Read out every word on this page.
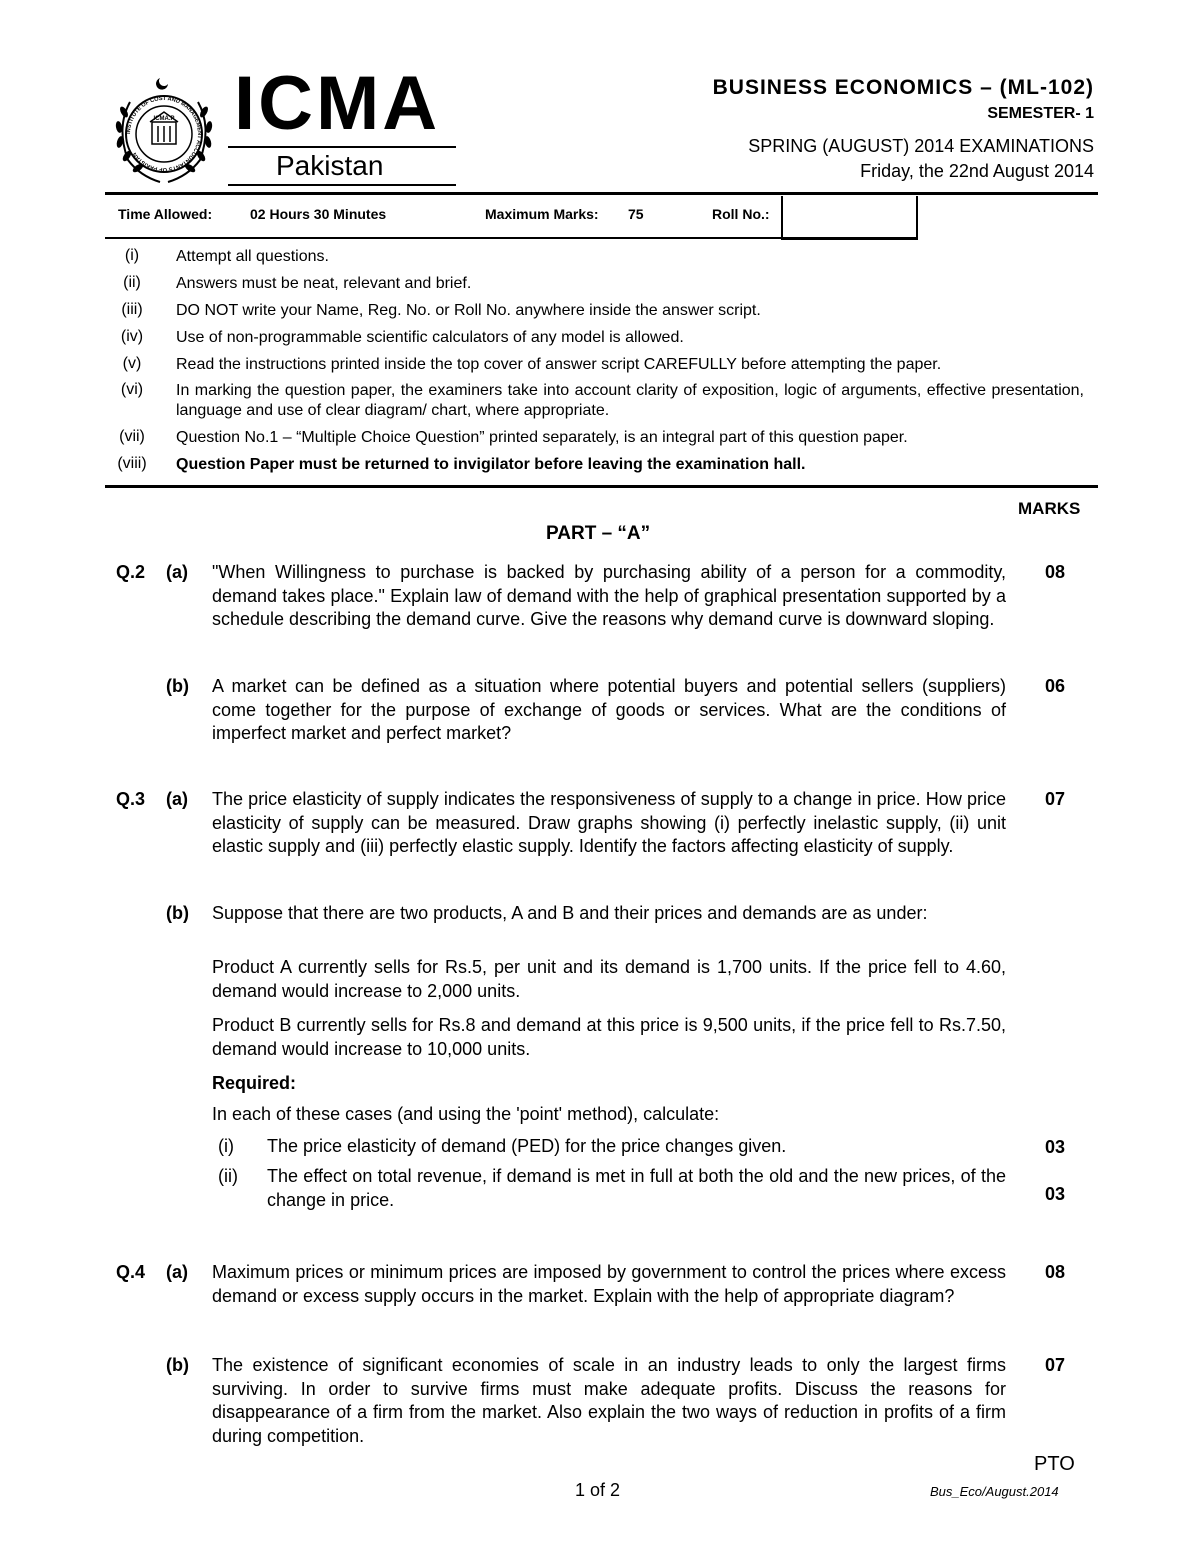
INSTITUTE OF COST AND MANAGEMENT ACCOUNTANTS OF PAKISTAN
ICMA.P ICMA
Pakistan
BUSINESS ECONOMICS – (ML-102)
SEMESTER- 1
SPRING (AUGUST) 2014 EXAMINATIONS
Friday, the 22nd August 2014
Time Allowed:	02 Hours 30 Minutes	Maximum Marks: 75	Roll No.:
(i)	Attempt all questions.
(ii)	Answers must be neat, relevant and brief.
(iii)	DO NOT write your Name, Reg. No. or Roll No. anywhere inside the answer script.
(iv)	Use of non-programmable scientific calculators of any model is allowed.
(v)	Read the instructions printed inside the top cover of answer script CAREFULLY before attempting the paper.
(vi)	In marking the question paper, the examiners take into account clarity of exposition, logic of arguments, effective presentation, language and use of clear diagram/ chart, where appropriate.
(vii)	Question No.1 – “Multiple Choice Question” printed separately, is an integral part of this question paper.
(viii)	Question Paper must be returned to invigilator before leaving the examination hall.
MARKS
PART – “A”
Q.2 (a) "When Willingness to purchase is backed by purchasing ability of a person for a commodity, demand takes place." Explain law of demand with the help of graphical presentation supported by a schedule describing the demand curve. Give the reasons why demand curve is downward sloping.
08
(b) A market can be defined as a situation where potential buyers and potential sellers (suppliers) come together for the purpose of exchange of goods or services. What are the conditions of imperfect market and perfect market?
06
Q.3 (a) The price elasticity of supply indicates the responsiveness of supply to a change in price. How price elasticity of supply can be measured. Draw graphs showing (i) perfectly inelastic supply, (ii) unit elastic supply and (iii) perfectly elastic supply. Identify the factors affecting elasticity of supply.
07
(b) Suppose that there are two products, A and B and their prices and demands are as under:
Product A currently sells for Rs.5, per unit and its demand is 1,700 units. If the price fell to 4.60, demand would increase to 2,000 units.
Product B currently sells for Rs.8 and demand at this price is 9,500 units, if the price fell to Rs.7.50, demand would increase to 10,000 units.
Required:
In each of these cases (and using the 'point' method), calculate:
(i) The price elasticity of demand (PED) for the price changes given.	03
(ii) The effect on total revenue, if demand is met in full at both the old and the new prices, of the change in price.	03
Q.4 (a) Maximum prices or minimum prices are imposed by government to control the prices where excess demand or excess supply occurs in the market. Explain with the help of appropriate diagram?
08
(b) The existence of significant economies of scale in an industry leads to only the largest firms surviving. In order to survive firms must make adequate profits. Discuss the reasons for disappearance of a firm from the market. Also explain the two ways of reduction in profits of a firm during competition.
07
PTO
1 of 2	Bus_Eco/August.2014
